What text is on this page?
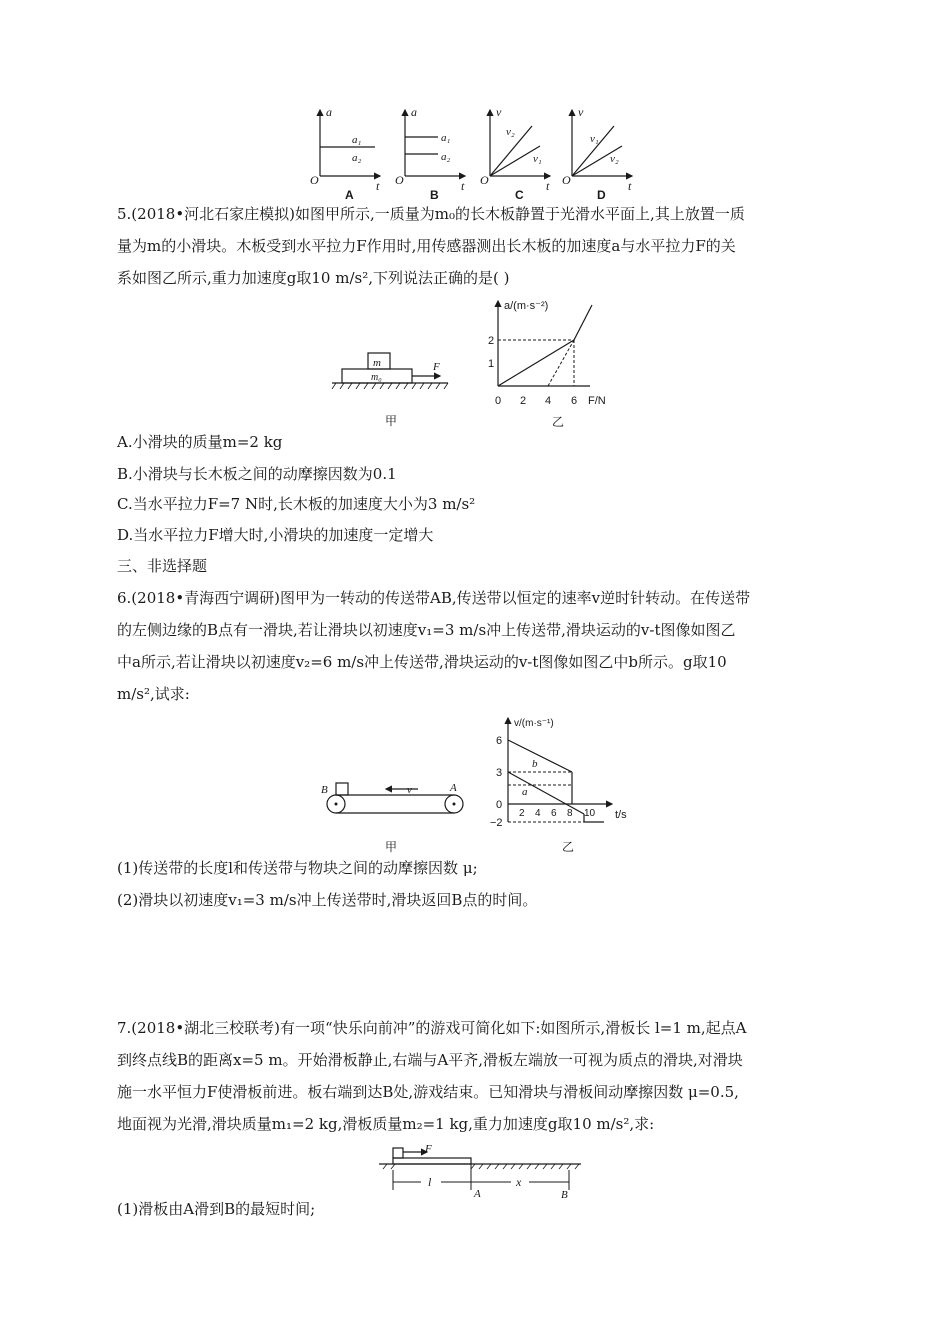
a
t
O
a₁
a₂
A
a
t
O
a₁
a₂
B
v
t
O
v₂
v₁
C
v
t
O
v₁
v₂
D
5.(2018•河北石家庄模拟)如图甲所示,一质量为m₀的长木板静置于光滑水平面上,其上放置一质
量为m的小滑块。木板受到水平拉力F作用时,用传感器测出长木板的加速度a与水平拉力F的关
系如图乙所示,重力加速度g取10 m/s²,下列说法正确的是( )
m
m₀
F
甲
a/(m·s⁻²)
F/N
2
1
0 2 4 6
乙
A.小滑块的质量m=2 kg
B.小滑块与长木板之间的动摩擦因数为0.1
C.当水平拉力F=7 N时,长木板的加速度大小为3 m/s²
D.当水平拉力F增大时,小滑块的加速度一定增大
三、非选择题
6.(2018•青海西宁调研)图甲为一转动的传送带AB,传送带以恒定的速率v逆时针转动。在传送带
的左侧边缘的B点有一滑块,若让滑块以初速度v₁=3 m/s冲上传送带,滑块运动的v-t图像如图乙
中a所示,若让滑块以初速度v₂=6 m/s冲上传送带,滑块运动的v-t图像如图乙中b所示。g取10
m/s²,试求:
B	A
v
甲
v/(m·s⁻¹)
t/s
6
3
0
−2
2 4 6 8 10
b
a
乙
(1)传送带的长度l和传送带与物块之间的动摩擦因数 μ;
(2)滑块以初速度v₁=3 m/s冲上传送带时,滑块返回B点的时间。
7.(2018•湖北三校联考)有一项“快乐向前冲”的游戏可简化如下:如图所示,滑板长 l=1 m,起点A
到终点线B的距离x=5 m。开始滑板静止,右端与A平齐,滑板左端放一可视为质点的滑块,对滑块
施一水平恒力F使滑板前进。板右端到达B处,游戏结束。已知滑块与滑板间动摩擦因数 μ=0.5,
地面视为光滑,滑块质量m₁=2 kg,滑板质量m₂=1 kg,重力加速度g取10 m/s²,求:
F
l	x
A	B
(1)滑板由A滑到B的最短时间;
